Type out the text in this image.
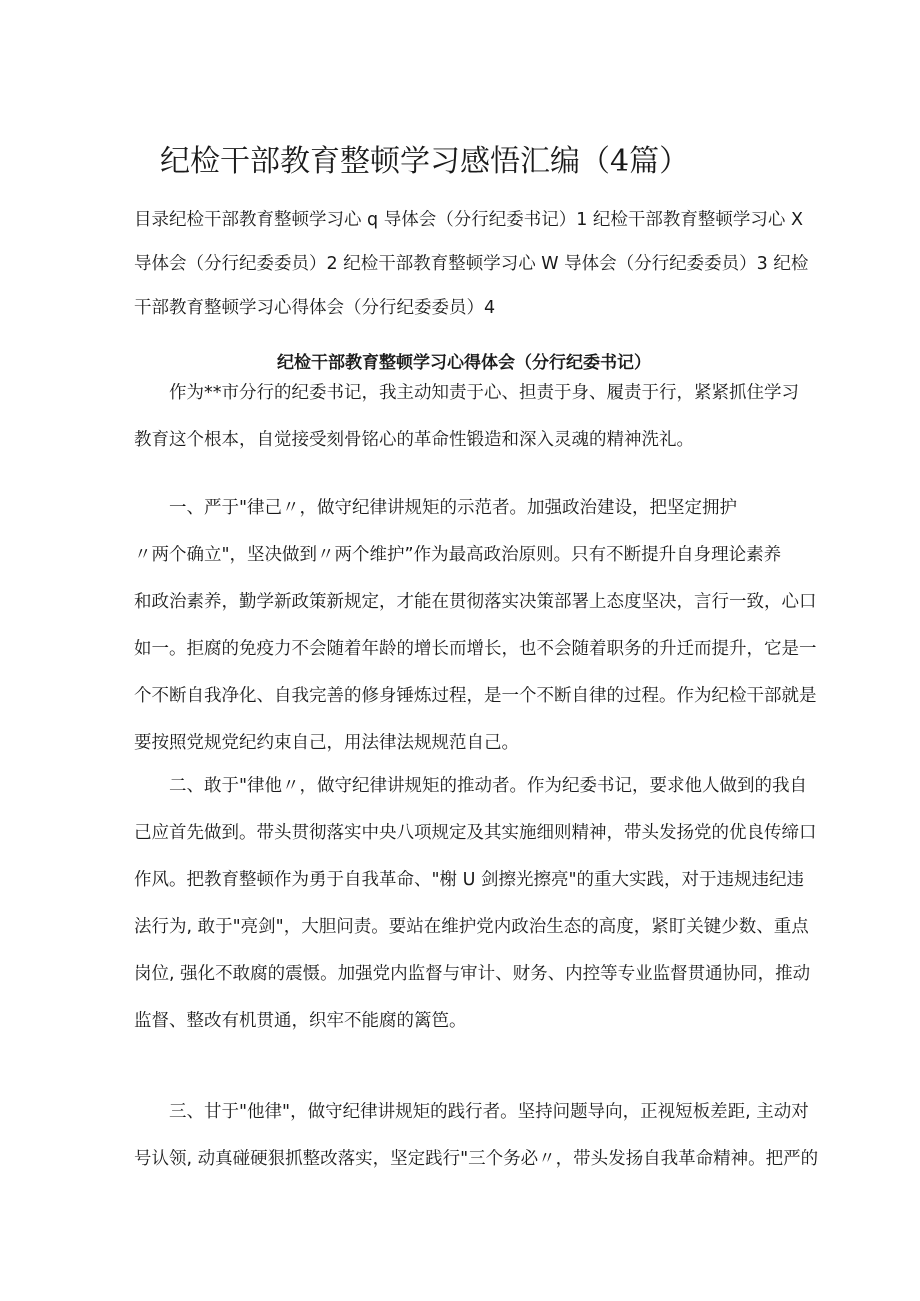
纪检干部教育整顿学习感悟汇编（4篇）
目录纪检干部教育整顿学习心 q 导体会（分行纪委书记）1 纪检干部教育整顿学习心 X
导体会（分行纪委委员）2 纪检干部教育整顿学习心 W 导体会（分行纪委委员）3 纪检
干部教育整顿学习心得体会（分行纪委委员）4
纪检干部教育整顿学习心得体会（分行纪委书记）
作为**市分行的纪委书记，我主动知责于心、担责于身、履责于行，紧紧抓住学习
教育这个根本，自觉接受刻骨铭心的革命性锻造和深入灵魂的精神洗礼。
一、严于"律己〃，做守纪律讲规矩的示范者。加强政治建设，把坚定拥护
〃两个确立"，坚决做到〃两个维护”作为最高政治原则。只有不断提升自身理论素养
和政治素养，勤学新政策新规定，才能在贯彻落实决策部署上态度坚决，言行一致，心口
如一。拒腐的免疫力不会随着年龄的增长而增长，也不会随着职务的升迁而提升，它是一
个不断自我净化、自我完善的修身锤炼过程，是一个不断自律的过程。作为纪检干部就是
要按照党规党纪约束自己，用法律法规规范自己。
二、敢于"律他〃，做守纪律讲规矩的推动者。作为纪委书记，要求他人做到的我自
己应首先做到。带头贯彻落实中央八项规定及其实施细则精神，带头发扬党的优良传缔口
作风。把教育整顿作为勇于自我革命、"榭 U 剑擦光擦亮"的重大实践，对于违规违纪违
法行为, 敢于"亮剑"，大胆问责。要站在维护党内政治生态的高度，紧盯关键少数、重点
岗位, 强化不敢腐的震慑。加强党内监督与审计、财务、内控等专业监督贯通协同，推动
监督、整改有机贯通，织牢不能腐的篱笆。
三、甘于"他律"，做守纪律讲规矩的践行者。坚持问题导向，正视短板差距, 主动对
号认领, 动真碰硬狠抓整改落实，坚定践行"三个务必〃，带头发扬自我革命精神。把严的
